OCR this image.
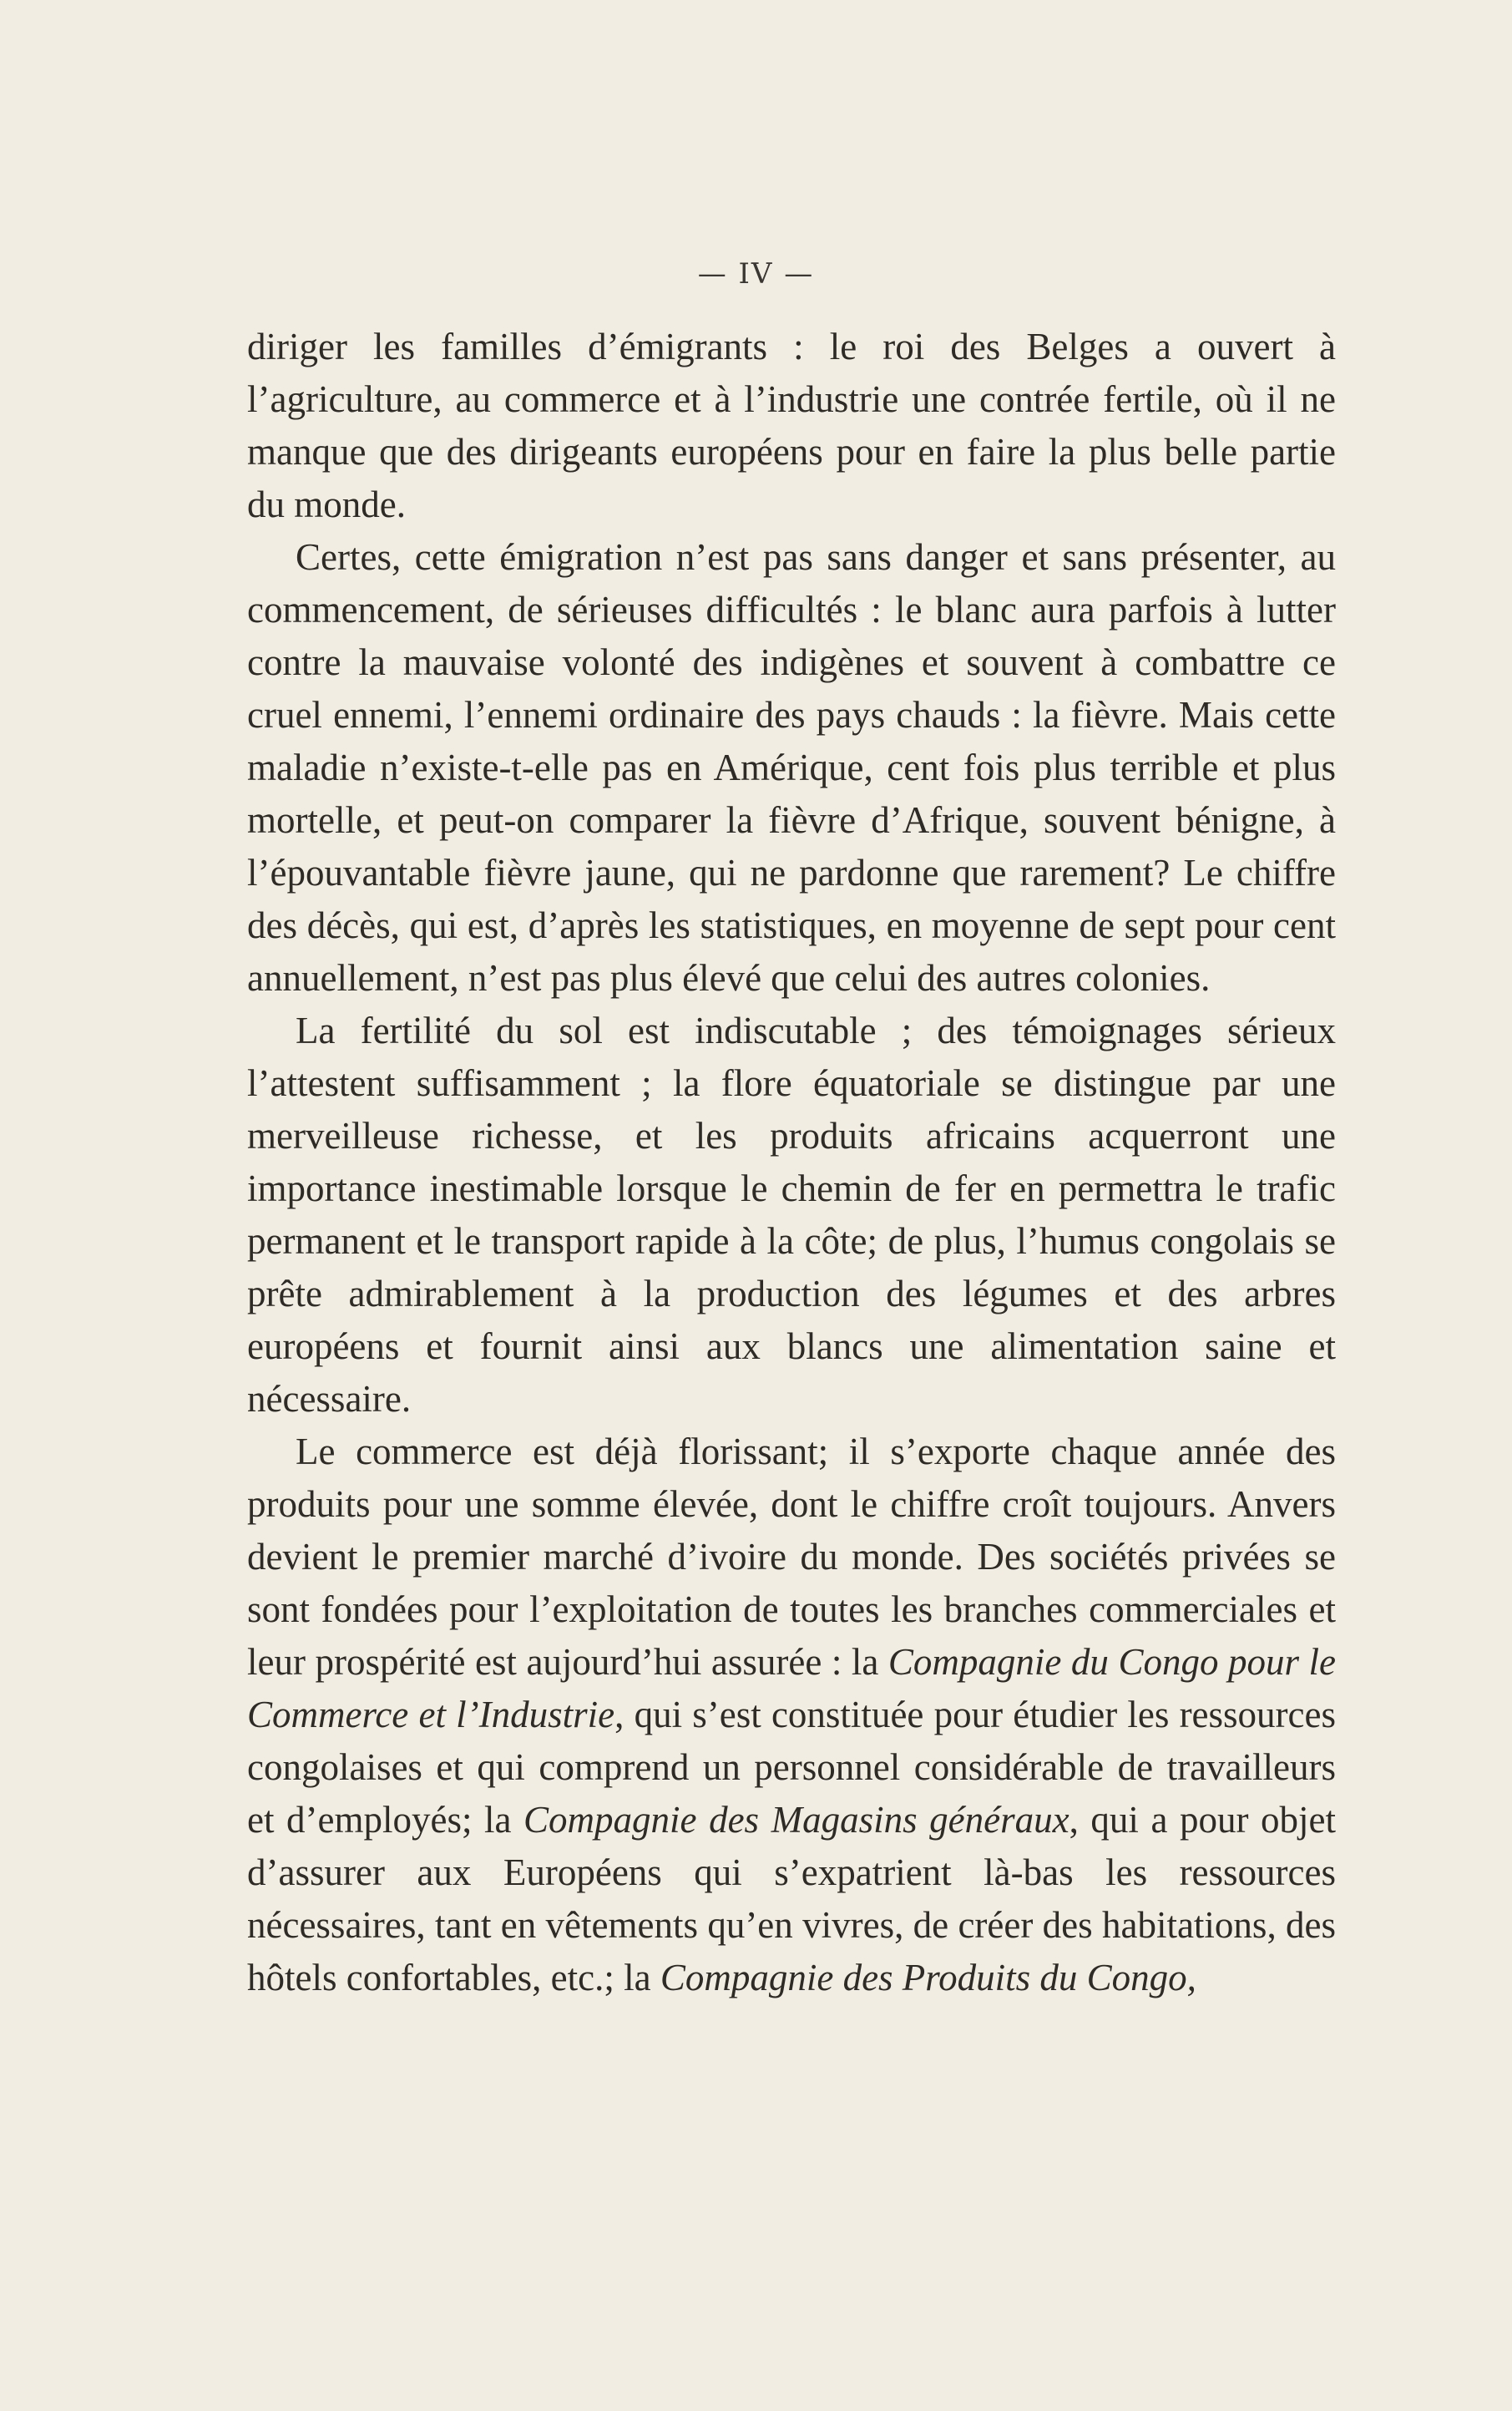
— IV —

diriger les familles d’émigrants : le roi des Belges a ouvert à l’agriculture, au commerce et à l’industrie une contrée fertile, où il ne manque que des dirigeants européens pour en faire la plus belle partie du monde.

Certes, cette émigration n’est pas sans danger et sans présenter, au commencement, de sérieuses difficultés : le blanc aura parfois à lutter contre la mauvaise volonté des indigènes et souvent à combattre ce cruel ennemi, l’ennemi ordinaire des pays chauds : la fièvre. Mais cette maladie n’existe-t-elle pas en Amérique, cent fois plus terrible et plus mortelle, et peut-on comparer la fièvre d’Afrique, souvent bénigne, à l’épouvantable fièvre jaune, qui ne pardonne que rarement? Le chiffre des décès, qui est, d’après les statistiques, en moyenne de sept pour cent annuellement, n’est pas plus élevé que celui des autres colonies.

La fertilité du sol est indiscutable ; des témoignages sérieux l’attestent suffisamment ; la flore équatoriale se distingue par une merveilleuse richesse, et les produits africains acquerront une importance inestimable lorsque le chemin de fer en permettra le trafic permanent et le transport rapide à la côte; de plus, l’humus congolais se prête admirablement à la production des légumes et des arbres européens et fournit ainsi aux blancs une alimentation saine et nécessaire.

Le commerce est déjà florissant; il s’exporte chaque année des produits pour une somme élevée, dont le chiffre croît toujours. Anvers devient le premier marché d’ivoire du monde. Des sociétés privées se sont fondées pour l’exploitation de toutes les branches commerciales et leur prospérité est aujourd’hui assurée : la Compagnie du Congo pour le Commerce et l’Industrie, qui s’est constituée pour étudier les ressources congolaises et qui comprend un personnel considérable de travailleurs et d’employés; la Compagnie des Magasins généraux, qui a pour objet d’assurer aux Européens qui s’expatrient là-bas les ressources nécessaires, tant en vêtements qu’en vivres, de créer des habitations, des hôtels confortables, etc.; la Compagnie des Produits du Congo,
